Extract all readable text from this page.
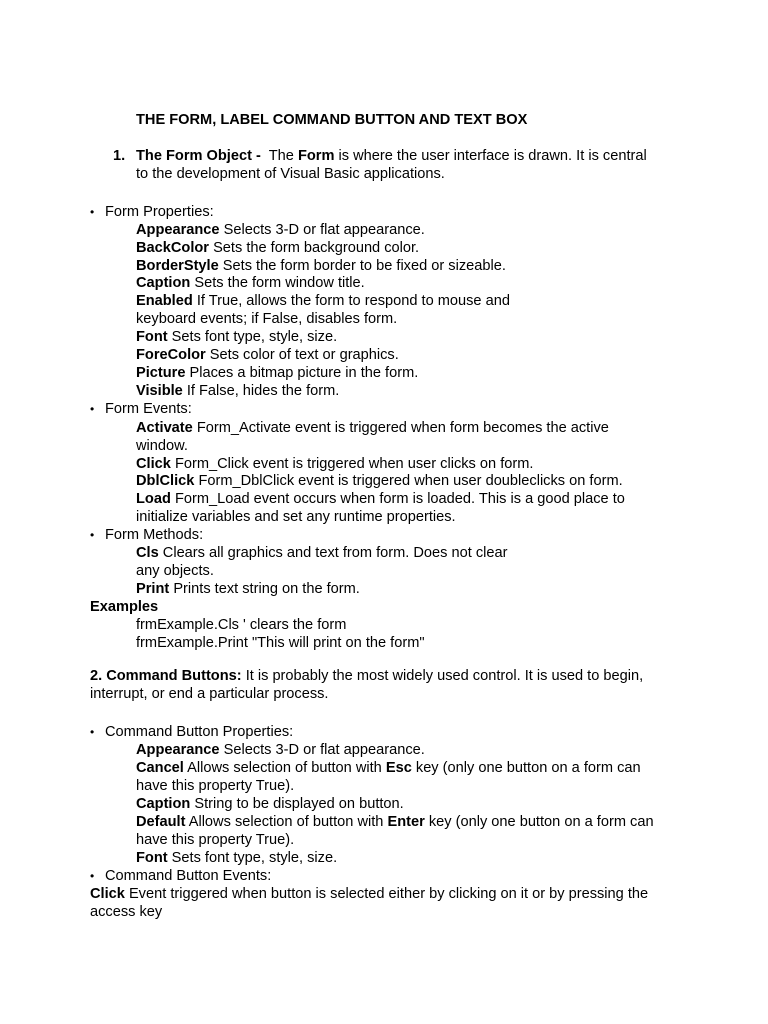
THE FORM, LABEL COMMAND BUTTON AND TEXT BOX
1. The Form Object - The Form is where the user interface is drawn. It is central
to the development of Visual Basic applications.
• Form Properties:
Appearance Selects 3-D or flat appearance.
BackColor Sets the form background color.
BorderStyle Sets the form border to be fixed or sizeable.
Caption Sets the form window title.
Enabled If True, allows the form to respond to mouse and
keyboard events; if False, disables form.
Font Sets font type, style, size.
ForeColor Sets color of text or graphics.
Picture Places a bitmap picture in the form.
Visible If False, hides the form.
• Form Events:
Activate Form_Activate event is triggered when form becomes the active
window.
Click Form_Click event is triggered when user clicks on form.
DblClick Form_DblClick event is triggered when user doubleclicks on form.
Load Form_Load event occurs when form is loaded. This is a good place to
initialize variables and set any runtime properties.
• Form Methods:
Cls Clears all graphics and text from form. Does not clear
any objects.
Print Prints text string on the form.
Examples
frmExample.Cls ' clears the form
frmExample.Print "This will print on the form"
2. Command Buttons: It is probably the most widely used control. It is used to begin,
interrupt, or end a particular process.
• Command Button Properties:
Appearance Selects 3-D or flat appearance.
Cancel Allows selection of button with Esc key (only one button on a form can
have this property True).
Caption String to be displayed on button.
Default Allows selection of button with Enter key (only one button on a form can
have this property True).
Font Sets font type, style, size.
• Command Button Events:
Click Event triggered when button is selected either by clicking on it or by pressing the
access key
